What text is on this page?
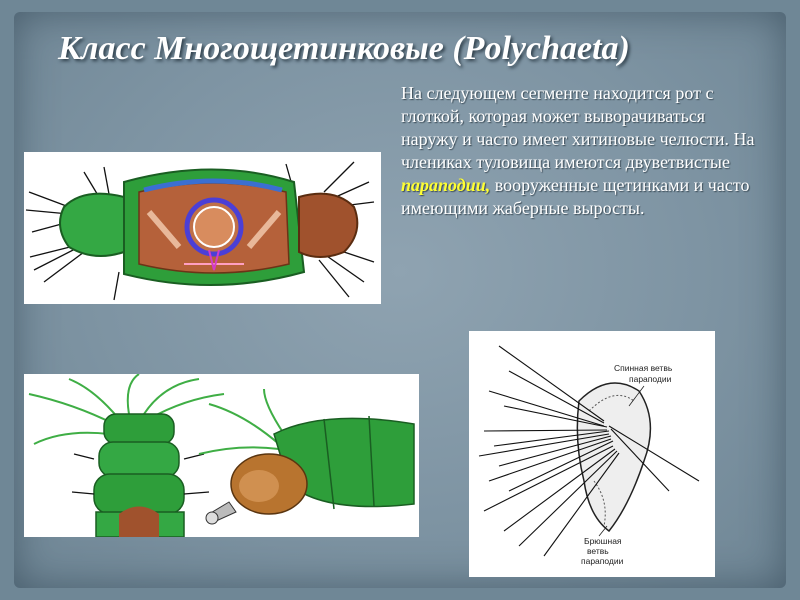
Класс Многощетинковые (Polychaeta)
На следующем сегменте находится рот с глоткой, которая может выворачиваться наружу и часто имеет хитиновые челюсти. На члениках туловища имеются двуветвистые параподии, вооруженные щетинками и часто имеющими жаберные выросты.
Спинная ветвь
параподии
Брюшная
ветвь
параподии
